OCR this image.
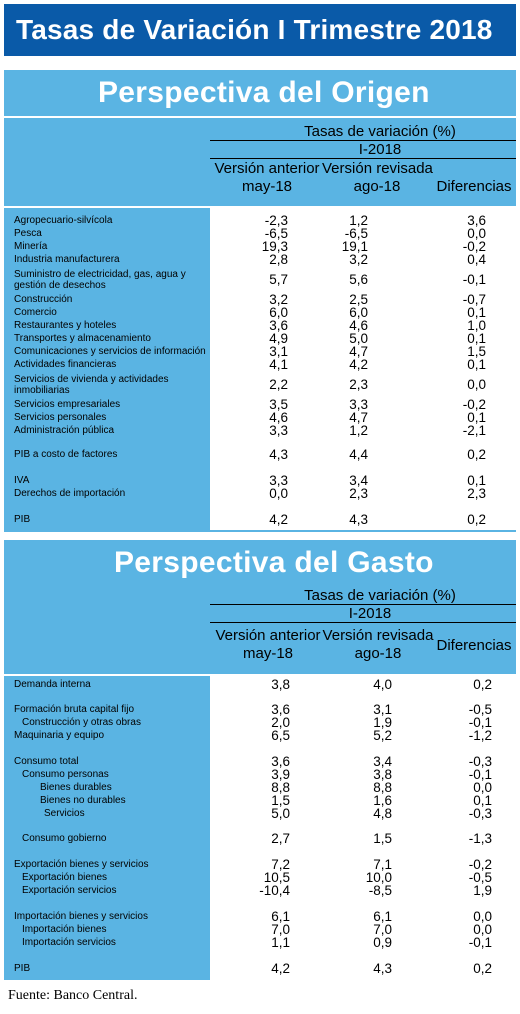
Tasas de Variación I Trimestre 2018
Perspectiva del Origen
Tasas de variación (%)
I-2018
Versión anterior
may-18
Versión revisada
ago-18	Diferencias
Agropecuario-silvícola	-2,3	1,2	3,6
Pesca	-6,5	-6,5	0,0
Minería	19,3	19,1	-0,2
Industria manufacturera	2,8	3,2	0,4
Suministro de electricidad, gas, agua y
gestión de desechos	5,7	5,6	-0,1
Construcción	3,2	2,5	-0,7
Comercio	6,0	6,0	0,1
Restaurantes y hoteles	3,6	4,6	1,0
Transportes y almacenamiento	4,9	5,0	0,1
Comunicaciones y servicios de información	3,1	4,7	1,5
Actividades financieras	4,1	4,2	0,1
Servicios de vivienda y actividades
inmobiliarias	2,2	2,3	0,0
Servicios empresariales	3,5	3,3	-0,2
Servicios personales	4,6	4,7	0,1
Administración pública	3,3	1,2	-2,1
PIB a costo de factores	4,3	4,4	0,2
IVA	3,3	3,4	0,1
Derechos de importación	0,0	2,3	2,3
PIB	4,2	4,3	0,2
Perspectiva del Gasto
Tasas de variación (%)
I-2018
Versión anterior
may-18
Versión revisada
ago-18	Diferencias
Demanda interna	3,8	4,0	0,2
Formación bruta capital fijo	3,6	3,1	-0,5
Construcción y otras obras	2,0	1,9	-0,1
Maquinaria y equipo	6,5	5,2	-1,2
Consumo total	3,6	3,4	-0,3
Consumo personas	3,9	3,8	-0,1
Bienes durables	8,8	8,8	0,0
Bienes no durables	1,5	1,6	0,1
Servicios	5,0	4,8	-0,3
Consumo gobierno	2,7	1,5	-1,3
Exportación bienes y servicios	7,2	7,1	-0,2
Exportación bienes	10,5	10,0	-0,5
Exportación servicios	-10,4	-8,5	1,9
Importación bienes y servicios	6,1	6,1	0,0
Importación bienes	7,0	7,0	0,0
Importación servicios	1,1	0,9	-0,1
PIB	4,2	4,3	0,2
Fuente: Banco Central.
